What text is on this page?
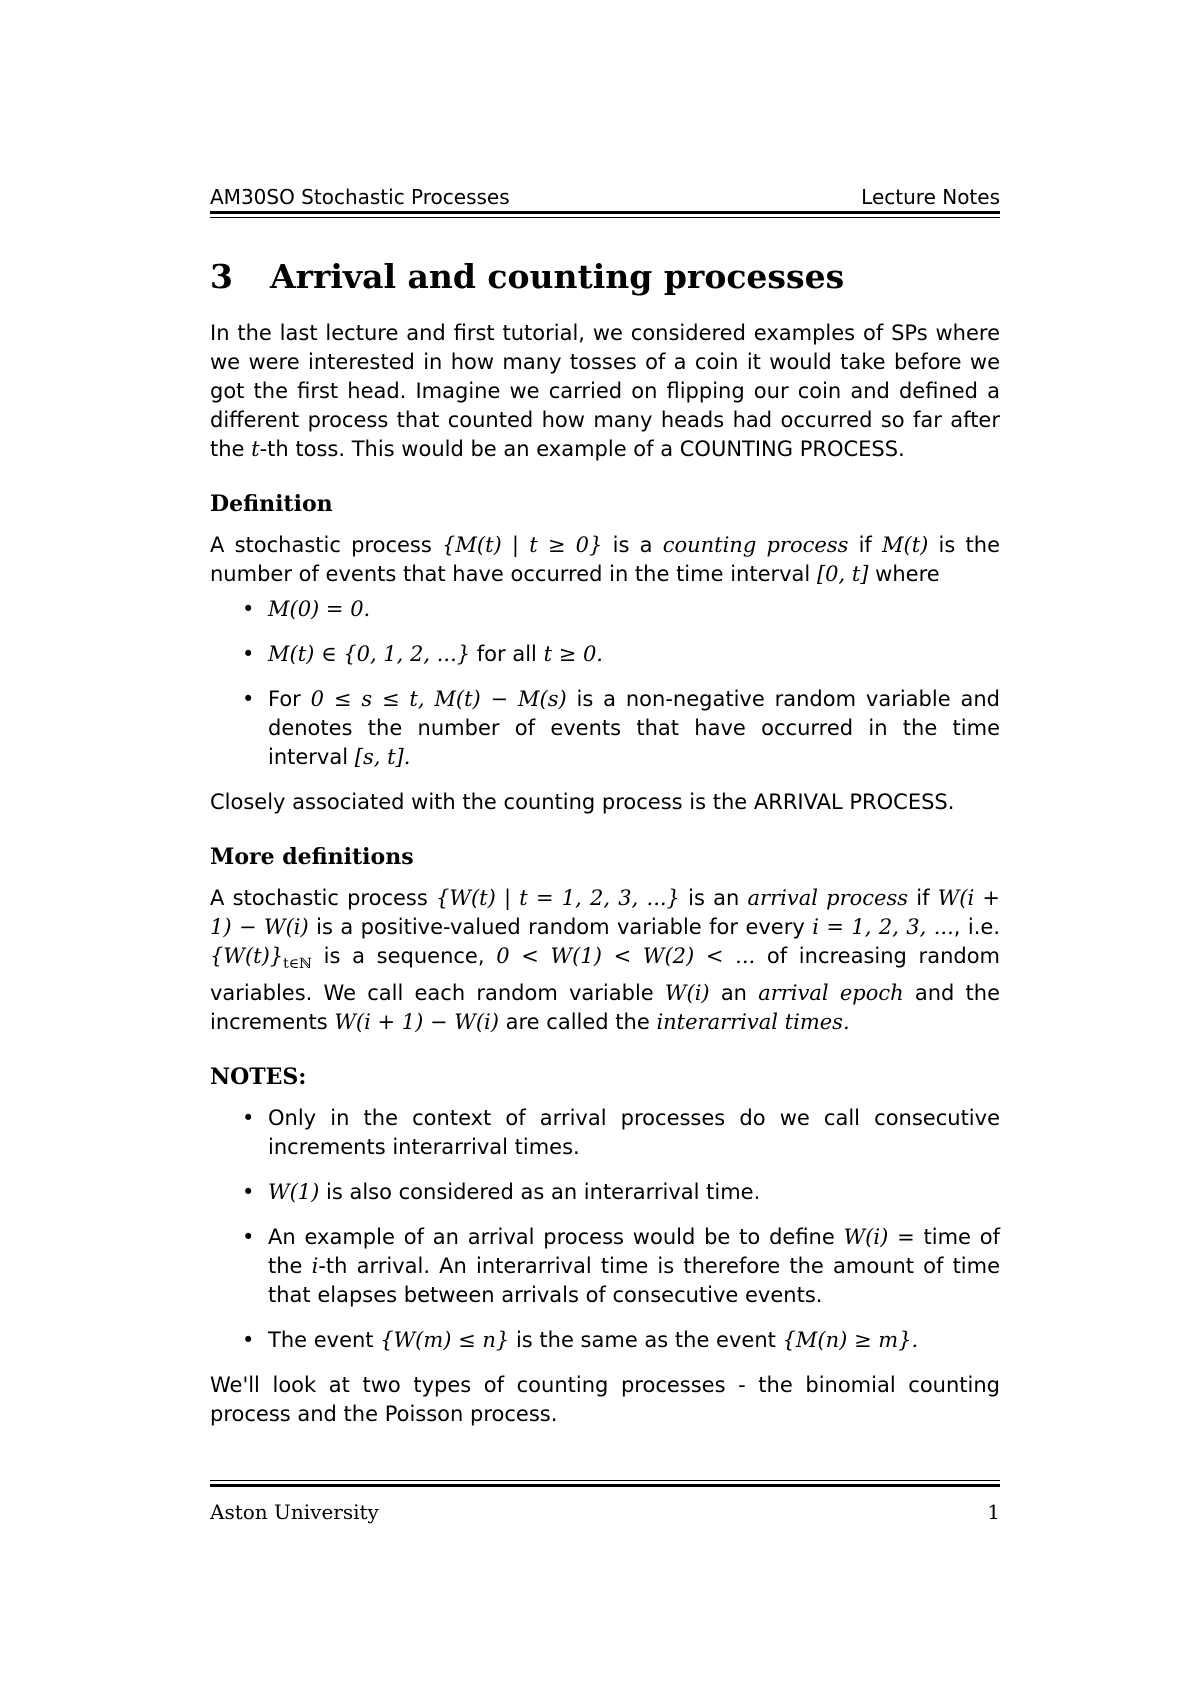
AM30SO Stochastic Processes	Lecture Notes
3 Arrival and counting processes

In the last lecture and first tutorial, we considered examples of SPs where we were interested in how many tosses of a coin it would take before we got the first head. Imagine we carried on flipping our coin and defined a different process that counted how many heads had occurred so far after the t-th toss. This would be an example of a COUNTING PROCESS.

Definition

A stochastic process {M(t) | t ≥ 0} is a counting process if M(t) is the number of events that have occurred in the time interval [0, t] where

• M(0) = 0.
• M(t) ∈ {0, 1, 2, ...} for all t ≥ 0.
• For 0 ≤ s ≤ t, M(t) − M(s) is a non-negative random variable and denotes the number of events that have occurred in the time interval [s, t].

Closely associated with the counting process is the ARRIVAL PROCESS.

More definitions

A stochastic process {W(t) | t = 1, 2, 3, ...} is an arrival process if W(i + 1) − W(i) is a positive-valued random variable for every i = 1, 2, 3, ..., i.e. $\{W(t)\}_{t\in ℕ}$ is a sequence, 0 < W(1) < W(2) < ... of increasing random variables. We call each random variable W(i) an arrival epoch and the increments W(i + 1) − W(i) are called the interarrival times.

NOTES:
• Only in the context of arrival processes do we call consecutive increments interarrival times.
• W(1) is also considered as an interarrival time.
• An example of an arrival process would be to define W(i) = time of the i-th arrival. An interarrival time is therefore the amount of time that elapses between arrivals of consecutive events.
• The event {W(m) ≤ n} is the same as the event {M(n) ≥ m}.

We'll look at two types of counting processes - the binomial counting process and the Poisson process.

Aston University	1
